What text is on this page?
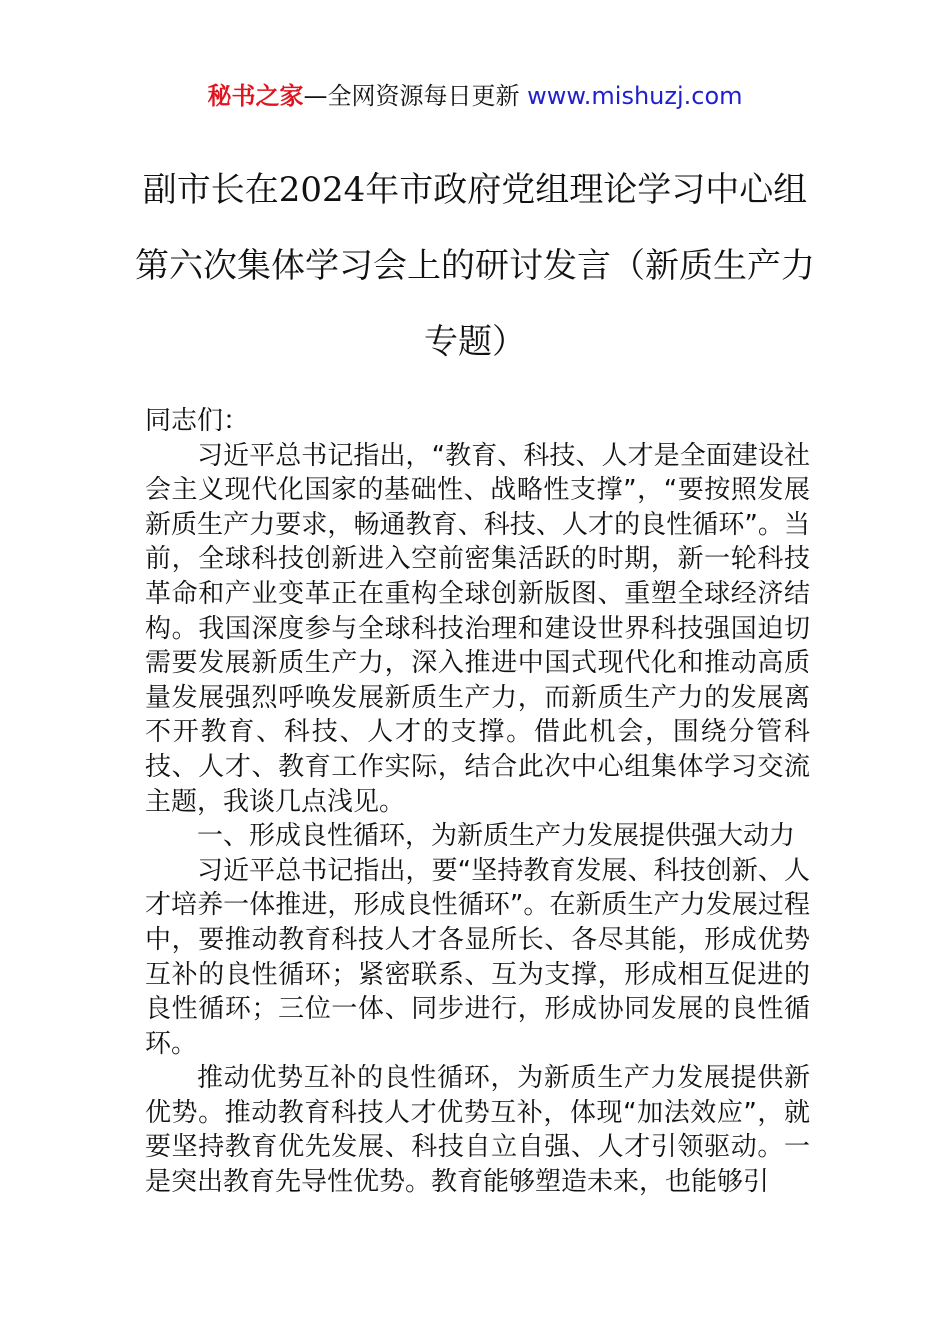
秘书之家—全网资源每日更新 www.mishuzj.com
副市长在2024年市政府党组理论学习中心组第六次集体学习会上的研讨发言（新质生产力专题）

同志们：

习近平总书记指出，“教育、科技、人才是全面建设社会主义现代化国家的基础性、战略性支撑”，“要按照发展新质生产力要求，畅通教育、科技、人才的良性循环”。当前，全球科技创新进入空前密集活跃的时期，新一轮科技革命和产业变革正在重构全球创新版图、重塑全球经济结构。我国深度参与全球科技治理和建设世界科技强国迫切需要发展新质生产力，深入推进中国式现代化和推动高质量发展强烈呼唤发展新质生产力，而新质生产力的发展离不开教育、科技、人才的支撑。借此机会，围绕分管科技、人才、教育工作实际，结合此次中心组集体学习交流主题，我谈几点浅见。

一、形成良性循环，为新质生产力发展提供强大动力

习近平总书记指出，要“坚持教育发展、科技创新、人才培养一体推进，形成良性循环”。在新质生产力发展过程中，要推动教育科技人才各显所长、各尽其能，形成优势互补的良性循环；紧密联系、互为支撑，形成相互促进的良性循环；三位一体、同步进行，形成协同发展的良性循环。

推动优势互补的良性循环，为新质生产力发展提供新优势。推动教育科技人才优势互补，体现“加法效应”，就要坚持教育优先发展、科技自立自强、人才引领驱动。一是突出教育先导性优势。教育能够塑造未来，也能够引
